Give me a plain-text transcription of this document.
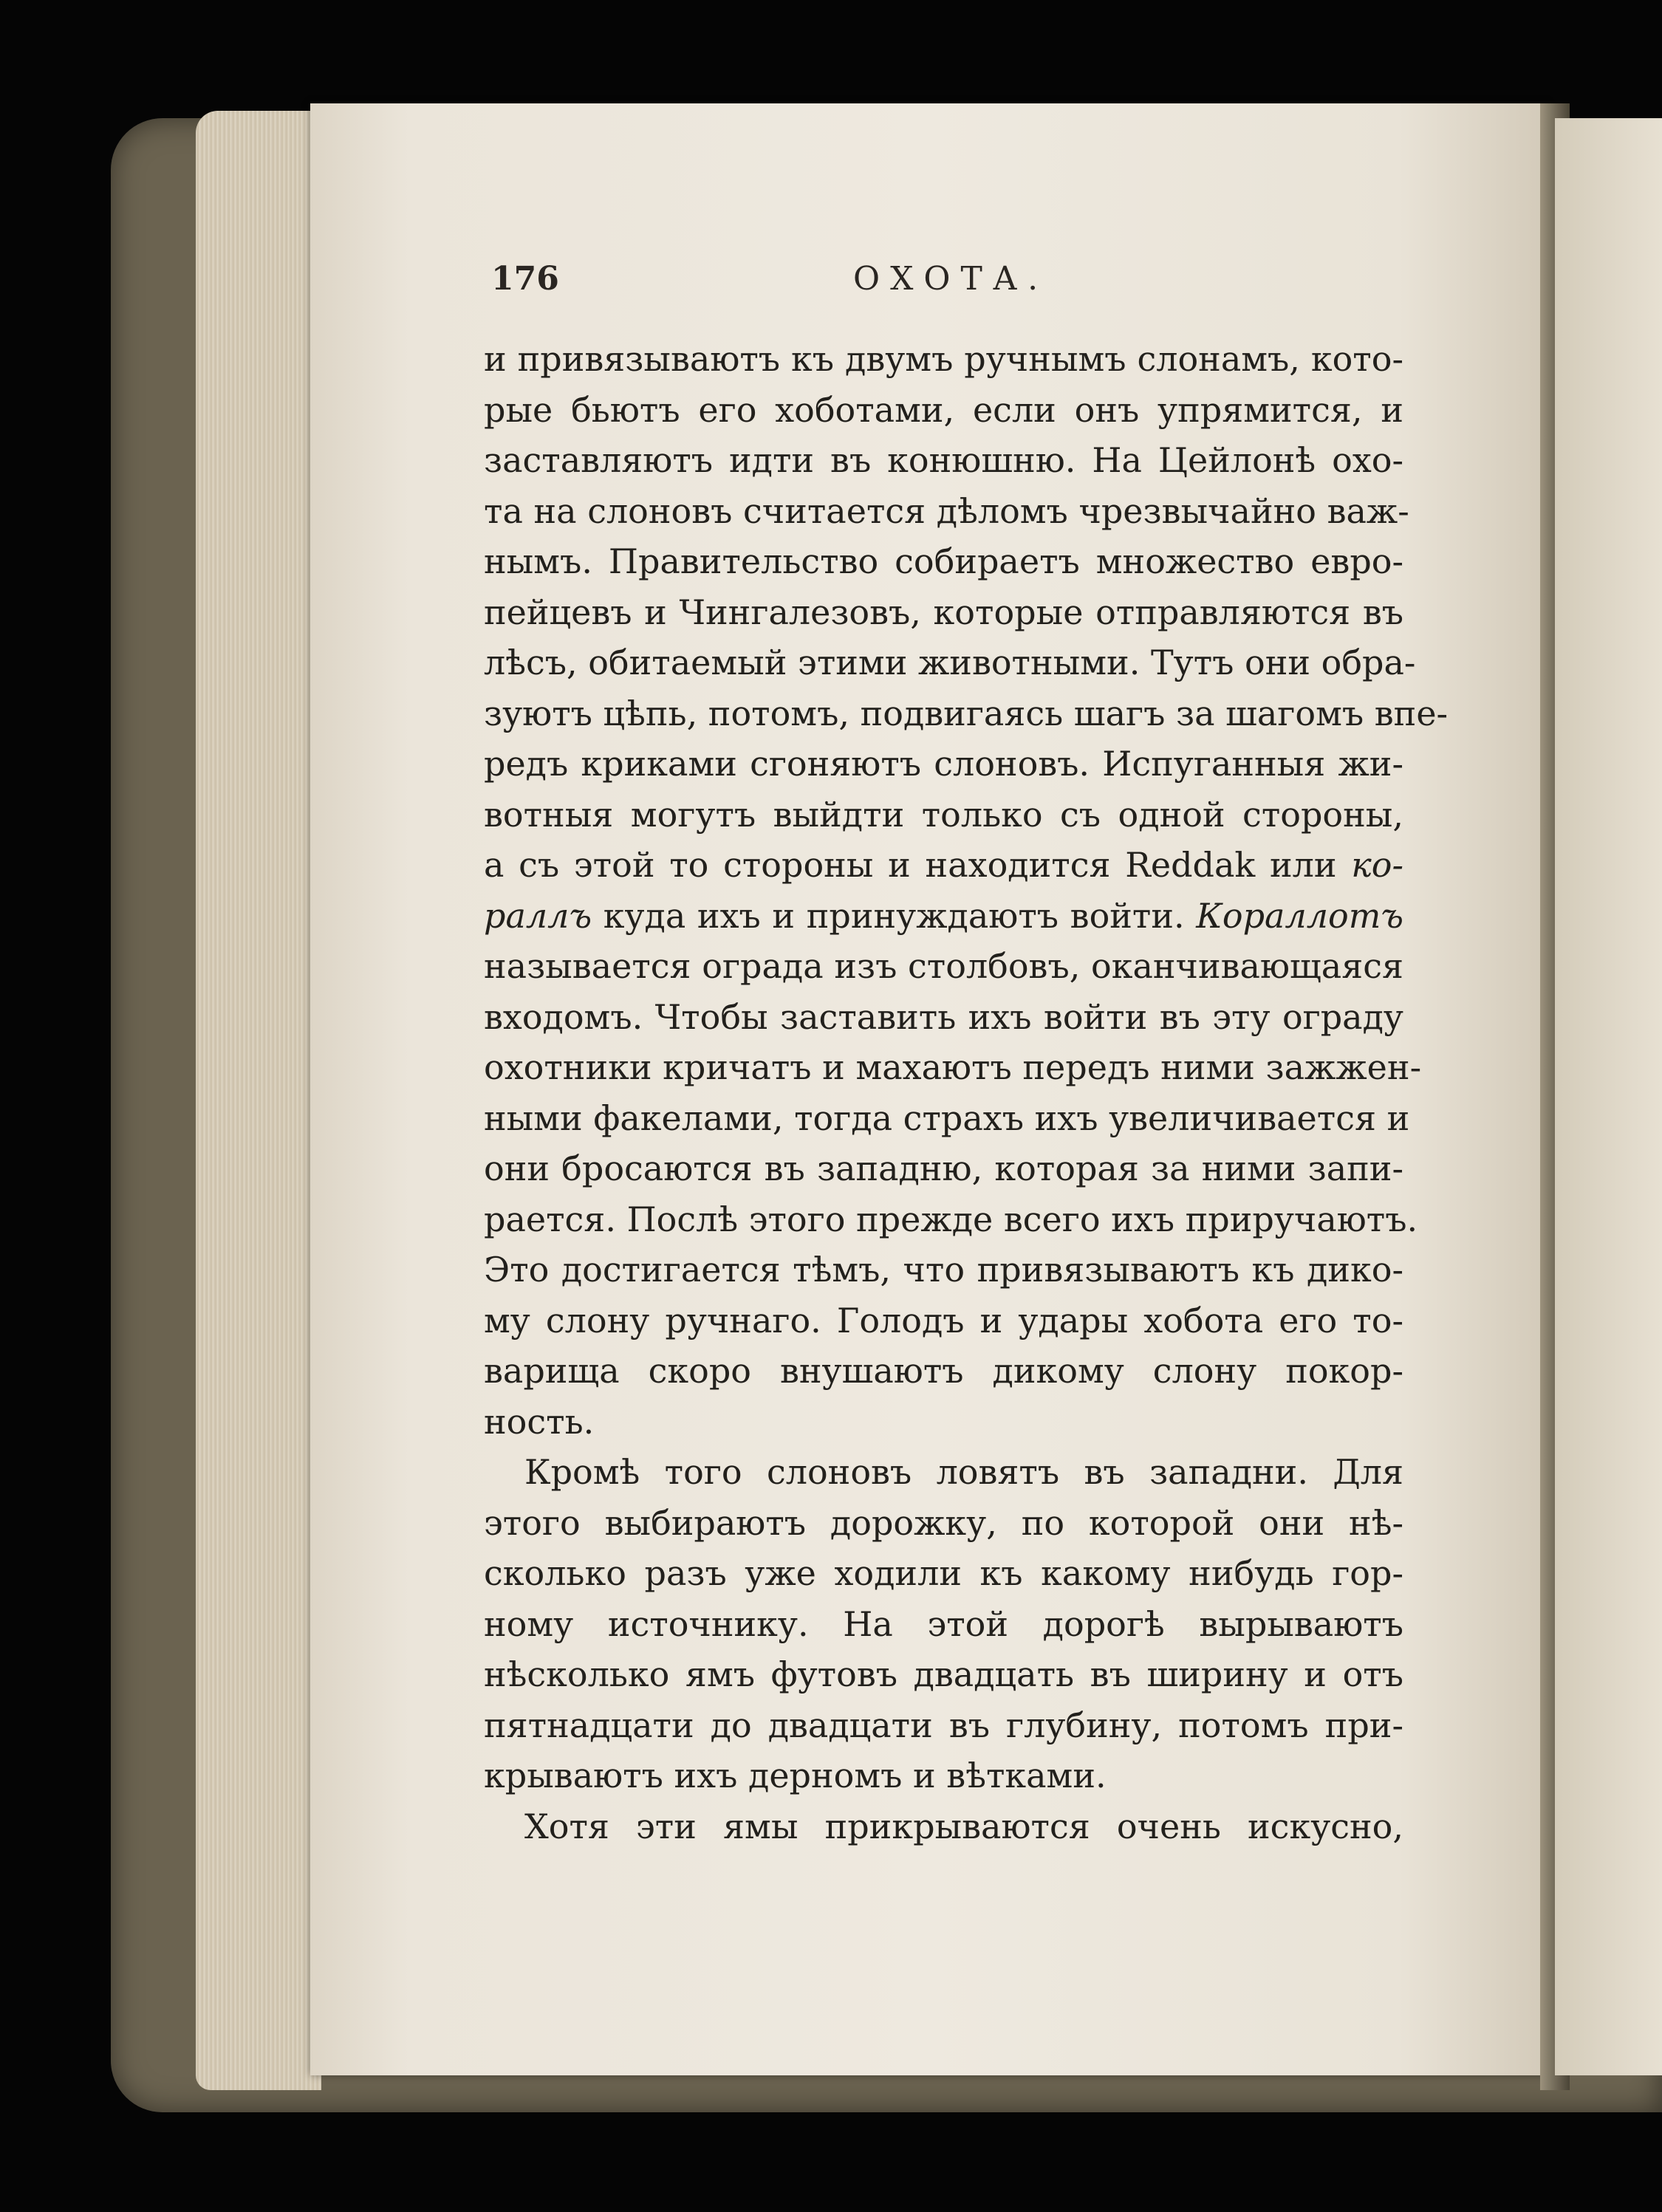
176	ОХОТА.
и привязываютъ къ двумъ ручнымъ слонамъ, кото-
рые бьютъ его хоботами, если онъ упрямится, и
заставляютъ идти въ конюшню. На Цейлонѣ охо-
та на слоновъ считается дѣломъ чрезвычайно важ-
нымъ. Правительство собираетъ множество евро-
пейцевъ и Чингалезовъ, которые отправляются въ
лѣсъ, обитаемый этими животными. Тутъ они обра-
зуютъ цѣпь, потомъ, подвигаясь шагъ за шагомъ впе-
редъ криками сгоняютъ слоновъ. Испуганныя жи-
вотныя могутъ выйдти только съ одной стороны,
а съ этой то стороны и находится Reddak или ко-
раллъ куда ихъ и принуждаютъ войти. Кораллomъ
называется ограда изъ столбовъ, оканчивающаяся
входомъ. Чтобы заставить ихъ войти въ эту ограду
охотники кричатъ и махаютъ передъ ними зажжен-
ными факелами, тогда страхъ ихъ увеличивается и
они бросаются въ западню, которая за ними запи-
рается. Послѣ этого прежде всего ихъ приручаютъ.
Это достигается тѣмъ, что привязываютъ къ дико-
му слону ручнаго. Голодъ и удары хобота его то-
варища скоро внушаютъ дикому слону покор-
ность.
Кромѣ того слоновъ ловятъ въ западни. Для
этого выбираютъ дорожку, по которой они нѣ-
сколько разъ уже ходили къ какому нибудь гор-
ному источнику. На этой дорогѣ вырываютъ
нѣсколько ямъ футовъ двадцать въ ширину и отъ
пятнадцати до двадцати въ глубину, потомъ при-
крываютъ ихъ дерномъ и вѣтками.
Хотя эти ямы прикрываются очень искусно,
